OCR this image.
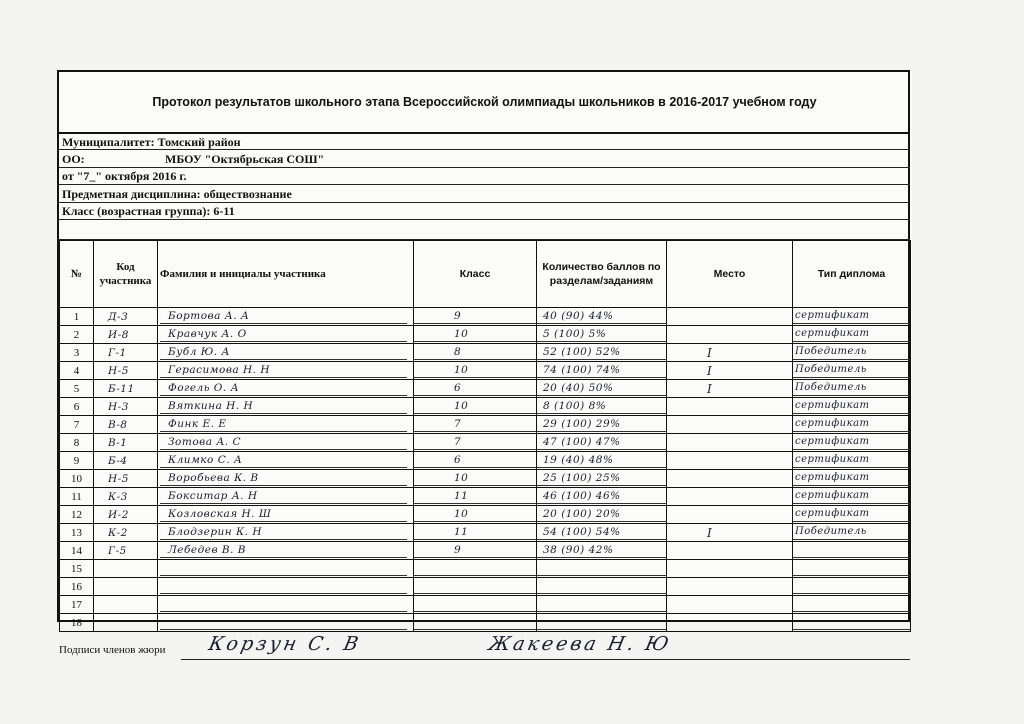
Протокол результатов школьного этапа Всероссийской олимпиады школьников в 2016-2017 учебном году
Муниципалитет: Томский район
ОО:	МБОУ "Октябрьская СОШ"
от "7_" октября 2016 г.
Предметная дисциплина: обществознание
Класс (возрастная группа): 6-11
№	Код участника	Фамилия и инициалы участника	Класс	Количество баллов по разделам/заданиям	Место	Тип диплома
1	Д-3	Бортова А. А	9	40 (90) 44%		сертификат

2	И-8	Кравчук А. О	10	5 (100) 5%		сертификат

3	Г-1	Бубл Ю. А	8	52 (100) 52%	I	Победитель

4	Н-5	Герасимова Н. Н	10	74 (100) 74%	I	Победитель

5	Б-11	Фогель О. А	6	20 (40) 50%	I	Победитель

6	Н-3	Вяткина Н. Н	10	8 (100) 8%		сертификат

7	В-8	Финк Е. Е	7	29 (100) 29%		сертификат

8	В-1	Зотова А. С	7	47 (100) 47%		сертификат

9	Б-4	Климко С. А	6	19 (40) 48%		сертификат

10	Н-5	Воробьева К. В	10	25 (100) 25%		сертификат

11	К-3	Бокситар А. Н	11	46 (100) 46%		сертификат

12	И-2	Козловская Н. Ш	10	20 (100) 20%		сертификат

13	К-2	Блодзерин К. Н	11	54 (100) 54%	I	Победитель

14	Г-5	Лебедев В. В	9	38 (90) 42%		

15	

16	

17	

18	

Подписи членов жюри Корзун С. В	Жакеева Н. Ю
